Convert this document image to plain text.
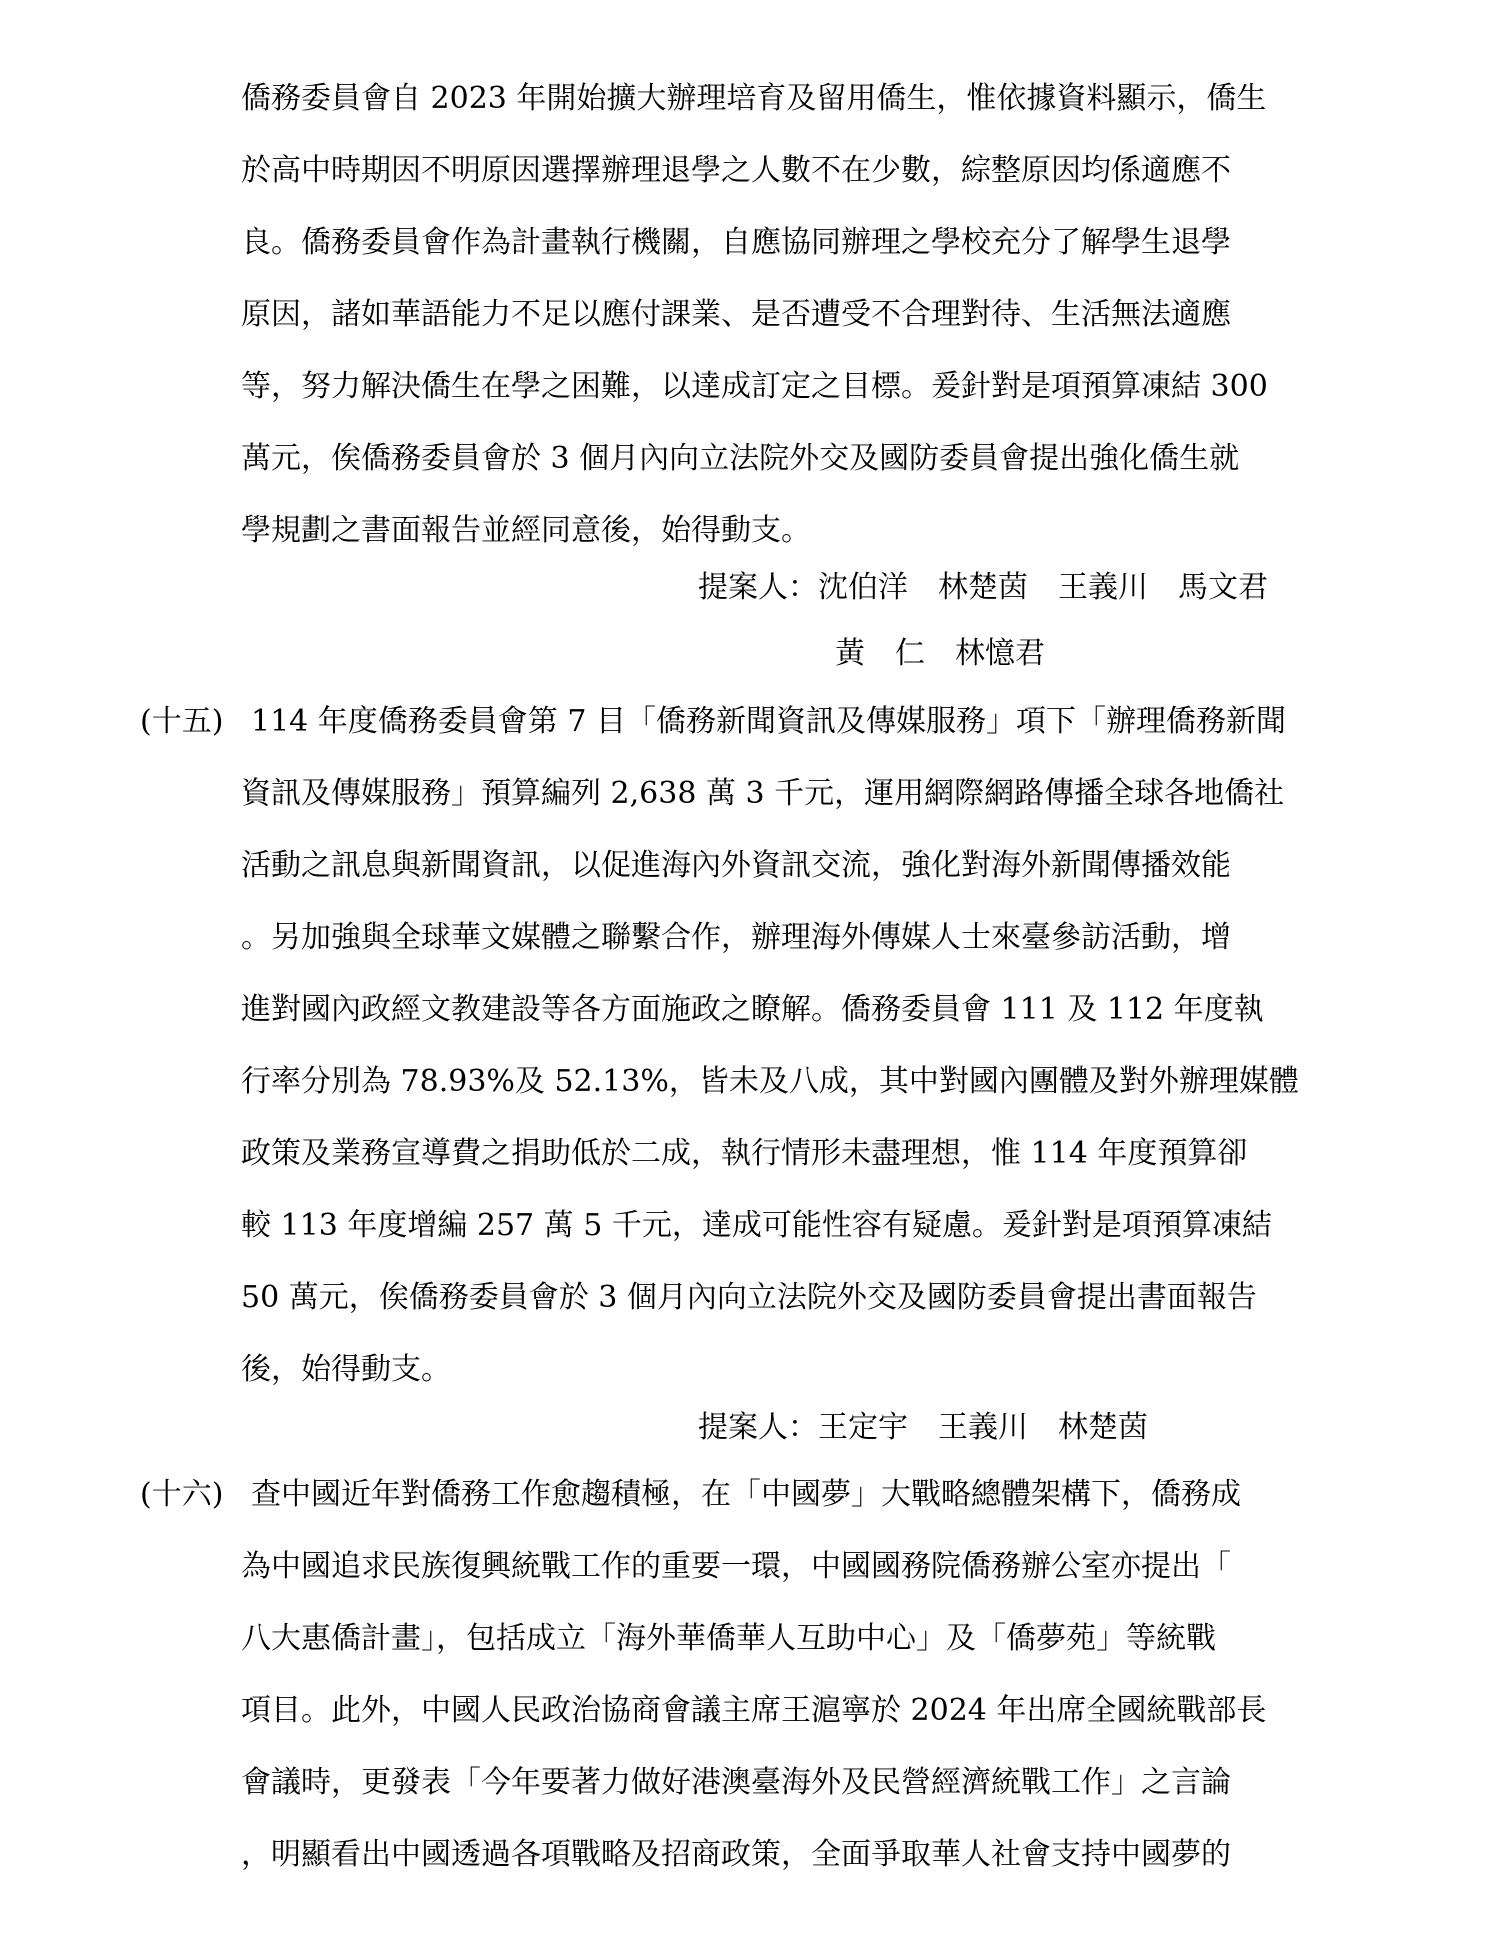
僑務委員會自 2023 年開始擴大辦理培育及留用僑生，惟依據資料顯示，僑生
於高中時期因不明原因選擇辦理退學之人數不在少數，綜整原因均係適應不
良。僑務委員會作為計畫執行機關，自應協同辦理之學校充分了解學生退學
原因，諸如華語能力不足以應付課業、是否遭受不合理對待、生活無法適應
等，努力解決僑生在學之困難，以達成訂定之目標。爰針對是項預算凍結 300
萬元，俟僑務委員會於 3 個月內向立法院外交及國防委員會提出強化僑生就
學規劃之書面報告並經同意後，始得動支。
提案人：沈伯洋　林楚茵　王義川　馬文君
黃　仁　林憶君
(十五) 114 年度僑務委員會第 7 目「僑務新聞資訊及傳媒服務」項下「辦理僑務新聞
資訊及傳媒服務」預算編列 2,638 萬 3 千元，運用網際網路傳播全球各地僑社
活動之訊息與新聞資訊，以促進海內外資訊交流，強化對海外新聞傳播效能
。另加強與全球華文媒體之聯繫合作，辦理海外傳媒人士來臺參訪活動，增
進對國內政經文教建設等各方面施政之瞭解。僑務委員會 111 及 112 年度執
行率分別為 78.93%及 52.13%，皆未及八成，其中對國內團體及對外辦理媒體
政策及業務宣導費之捐助低於二成，執行情形未盡理想，惟 114 年度預算卻
較 113 年度增編 257 萬 5 千元，達成可能性容有疑慮。爰針對是項預算凍結
50 萬元，俟僑務委員會於 3 個月內向立法院外交及國防委員會提出書面報告
後，始得動支。
提案人：王定宇　王義川　林楚茵
(十六) 查中國近年對僑務工作愈趨積極，在「中國夢」大戰略總體架構下，僑務成
為中國追求民族復興統戰工作的重要一環，中國國務院僑務辦公室亦提出「
八大惠僑計畫」，包括成立「海外華僑華人互助中心」及「僑夢苑」等統戰
項目。此外，中國人民政治協商會議主席王滬寧於 2024 年出席全國統戰部長
會議時，更發表「今年要著力做好港澳臺海外及民營經濟統戰工作」之言論
，明顯看出中國透過各項戰略及招商政策，全面爭取華人社會支持中國夢的
